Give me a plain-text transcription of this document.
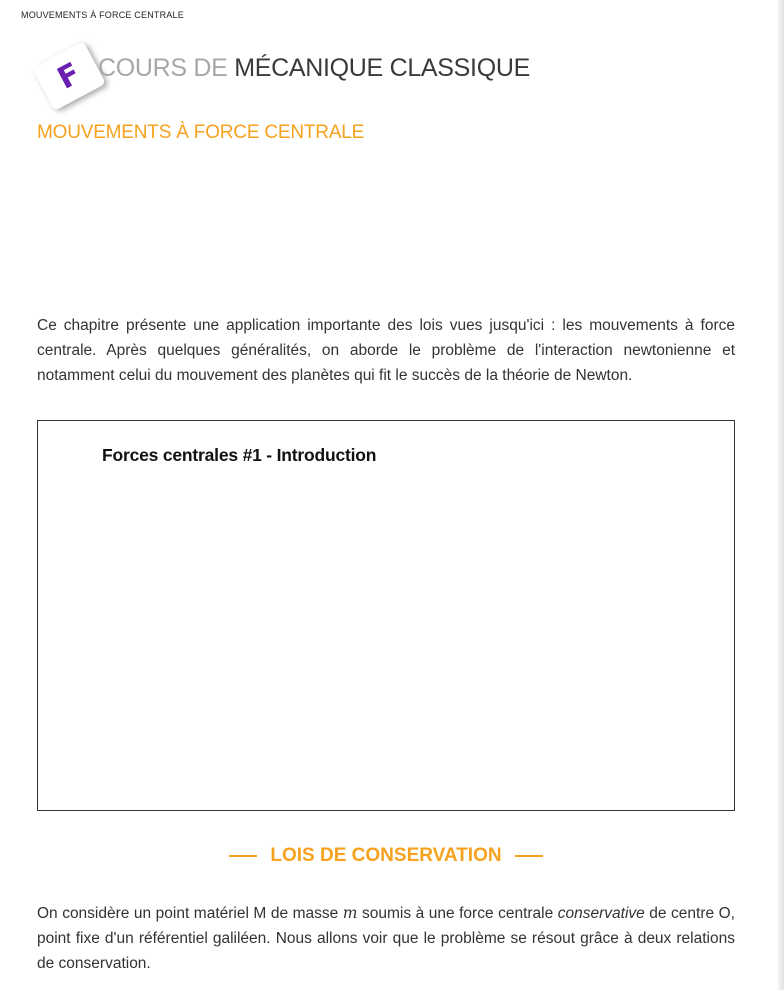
MOUVEMENTS À FORCE CENTRALE
F COURS DE MÉCANIQUE CLASSIQUE
MOUVEMENTS À FORCE CENTRALE

Ce chapitre présente une application importante des lois vues jusqu'ici : les mouvements à force centrale. Après quelques généralités, on aborde le problème de l'interaction newtonienne et notamment celui du mouvement des planètes qui fit le succès de la théorie de Newton.

Forces centrales #1 - Introduction
LOIS DE CONSERVATION

On considère un point matériel M de masse m soumis à une force centrale conservative de centre O, point fixe d'un référentiel galiléen. Nous allons voir que le problème se résout grâce à deux relations de conservation.
